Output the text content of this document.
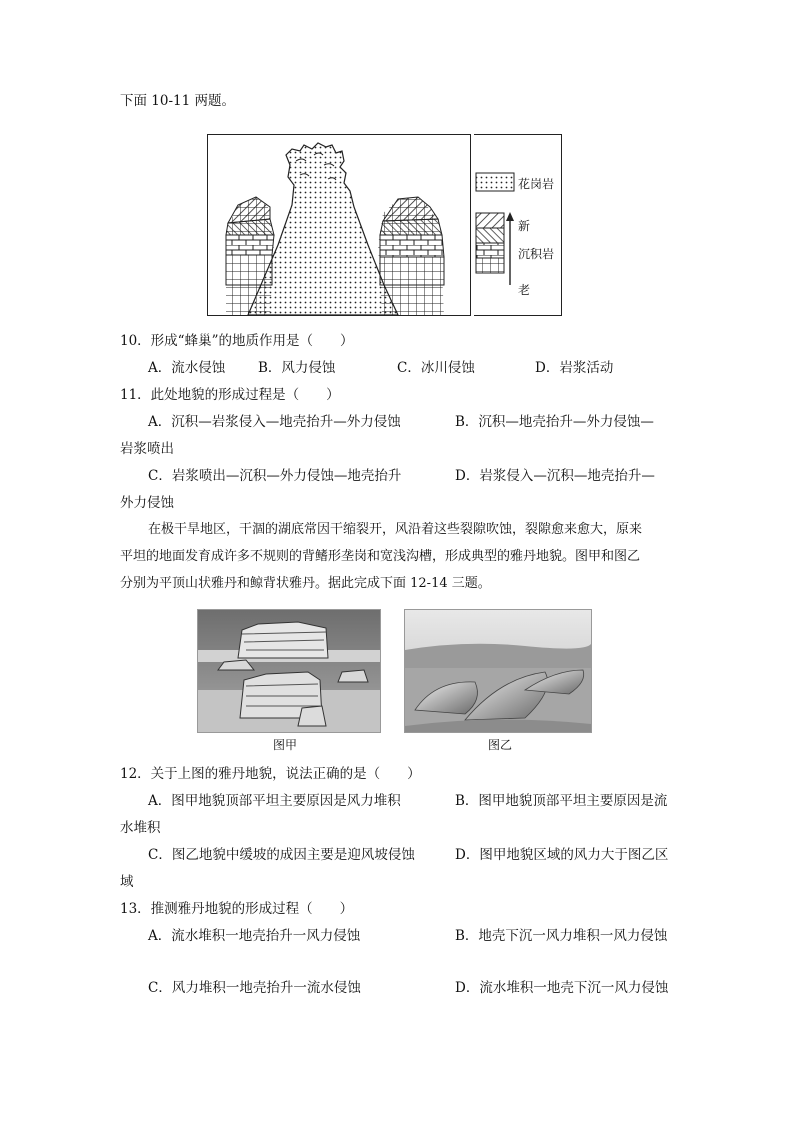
下面 10-11 两题。
花岗岩
新
沉积岩
老
10．形成“蜂巢”的地质作用是（　　）
A．流水侵蚀 B．风力侵蚀	C．冰川侵蚀	D．岩浆活动
11．此处地貌的形成过程是（　　）
A．沉积—岩浆侵入—地壳抬升—外力侵蚀	B．沉积—地壳抬升—外力侵蚀—
岩浆喷出
C．岩浆喷出—沉积—外力侵蚀—地壳抬升	D．岩浆侵入—沉积—地壳抬升—
外力侵蚀
在极干旱地区，干涸的湖底常因干缩裂开，风沿着这些裂隙吹蚀，裂隙愈来愈大，原来
平坦的地面发育成许多不规则的背鳍形垄岗和宽浅沟槽，形成典型的雅丹地貌。图甲和图乙
分别为平顶山状雅丹和鲸背状雅丹。据此完成下面 12-14 三题。
图甲	图乙
12．关于上图的雅丹地貌，说法正确的是（　　）
A．图甲地貌顶部平坦主要原因是风力堆积	B．图甲地貌顶部平坦主要原因是流
水堆积
C．图乙地貌中缓坡的成因主要是迎风坡侵蚀	D．图甲地貌区域的风力大于图乙区
域
13．推测雅丹地貌的形成过程（　　）
A．流水堆积一地壳抬升一风力侵蚀	B．地壳下沉一风力堆积一风力侵蚀
C．风力堆积一地壳抬升一流水侵蚀	D．流水堆积一地壳下沉一风力侵蚀
